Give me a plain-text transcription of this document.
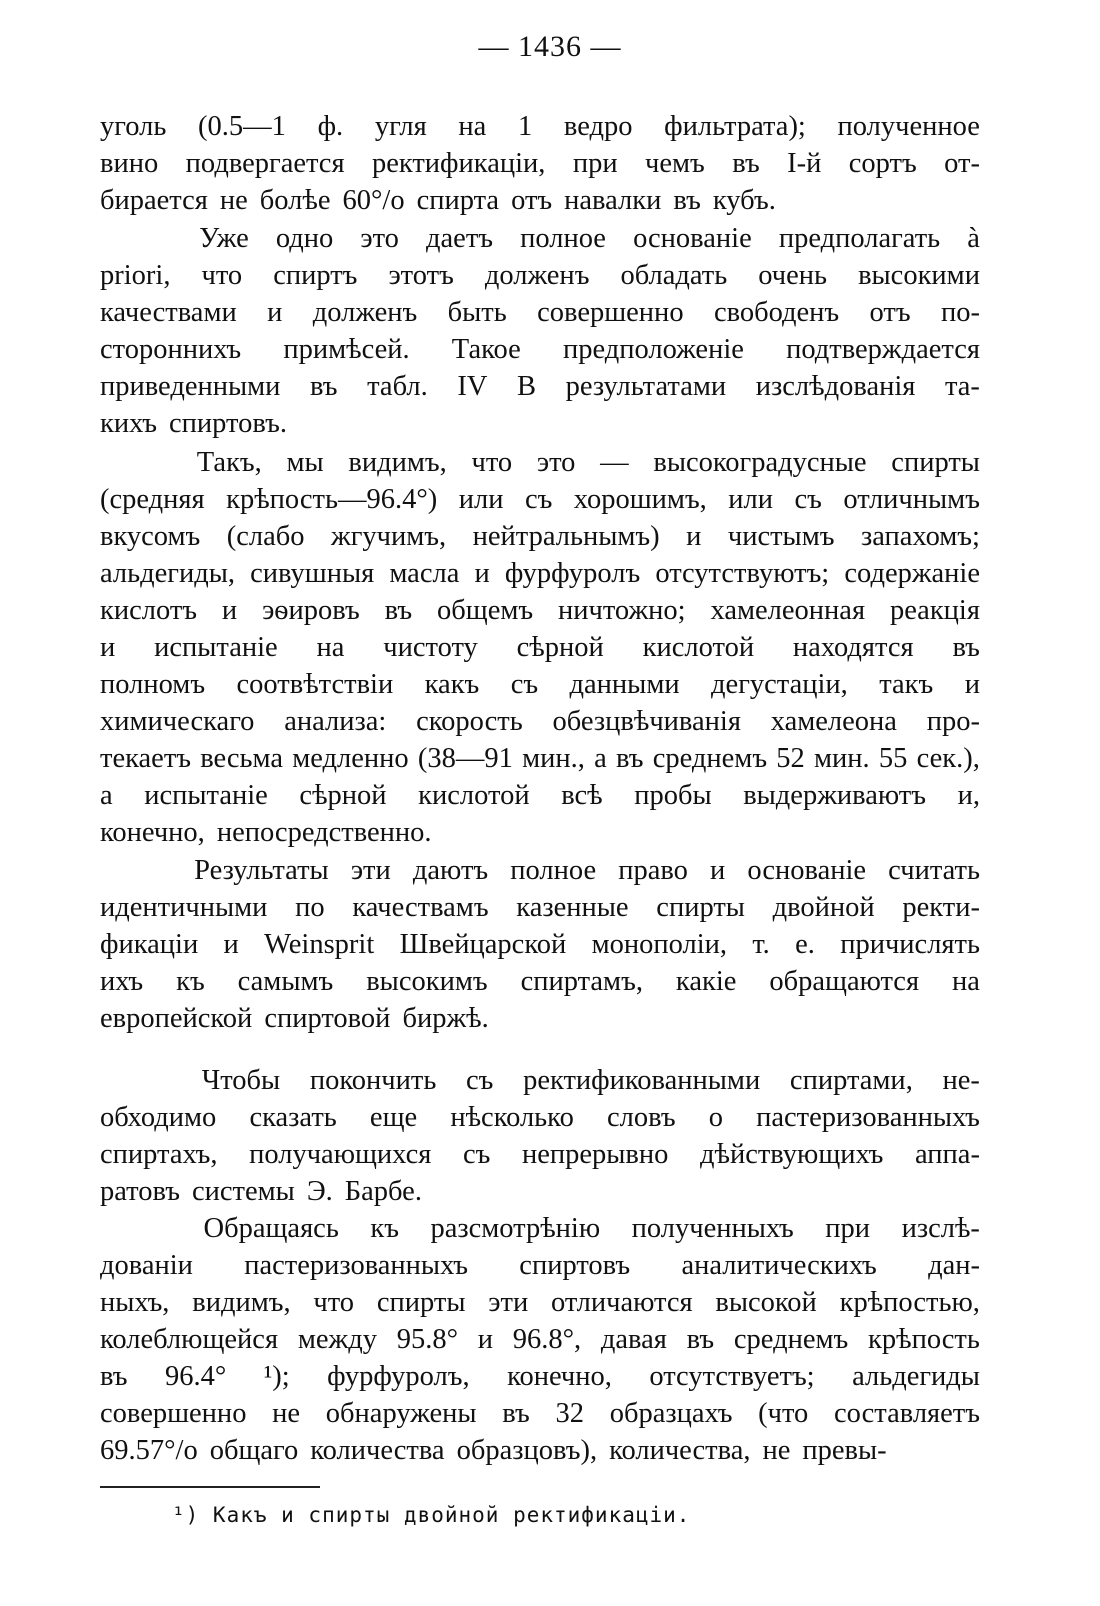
— 1436 —
уголь (0.5—1 ф. угля на 1 ведро фильтрата); полученное
вино подвергается ректификаціи, при чемъ въ I-й сортъ от-
бирается не болѣе 60°/o спирта отъ навалки въ кубъ.
Уже одно это даетъ полное основаніе предполагать à
priori, что спиртъ этотъ долженъ обладать очень высокими
качествами и долженъ быть совершенно свободенъ отъ по-
стороннихъ примѣсей. Такое предположеніе подтверждается
приведенными въ табл. IV В результатами изслѣдованія та-
кихъ спиртовъ.
Такъ, мы видимъ, что это — высокоградусные спирты
(средняя крѣпость—96.4°) или съ хорошимъ, или съ отличнымъ
вкусомъ (слабо жгучимъ, нейтральнымъ) и чистымъ запахомъ;
альдегиды, сивушныя масла и фурфуролъ отсутствуютъ; содержаніе
кислотъ и эѳировъ въ общемъ ничтожно; хамелеонная реакція
и испытаніе на чистоту сѣрной кислотой находятся въ
полномъ соотвѣтствіи какъ съ данными дегустаціи, такъ и
химическаго анализа: скорость обезцвѣчиванія хамелеона про-
текаетъ весьма медленно (38—91 мин., а въ среднемъ 52 мин. 55 сек.),
а испытаніе сѣрной кислотой всѣ пробы выдерживаютъ и,
конечно, непосредственно.
Результаты эти даютъ полное право и основаніе считать
идентичными по качествамъ казенные спирты двойной ректи-
фикаціи и Weinsprit Швейцарской монополіи, т. е. причислять
ихъ къ самымъ высокимъ спиртамъ, какіе обращаются на
европейской спиртовой биржѣ.
Чтобы покончить съ ректификованными спиртами, не-
обходимо сказать еще нѣсколько словъ о пастеризованныхъ
спиртахъ, получающихся съ непрерывно дѣйствующихъ аппа-
ратовъ системы Э. Барбе.
Обращаясь къ разсмотрѣнію полученныхъ при изслѣ-
дованіи пастеризованныхъ спиртовъ аналитическихъ дан-
ныхъ, видимъ, что спирты эти отличаются высокой крѣпостью,
колеблющейся между 95.8° и 96.8°, давая въ среднемъ крѣпость
въ 96.4° ¹); фурфуролъ, конечно, отсутствуетъ; альдегиды
совершенно не обнаружены въ 32 образцахъ (что составляетъ
69.57°/o общаго количества образцовъ), количества, не превы-
¹) Какъ и спирты двойной ректификаціи.
